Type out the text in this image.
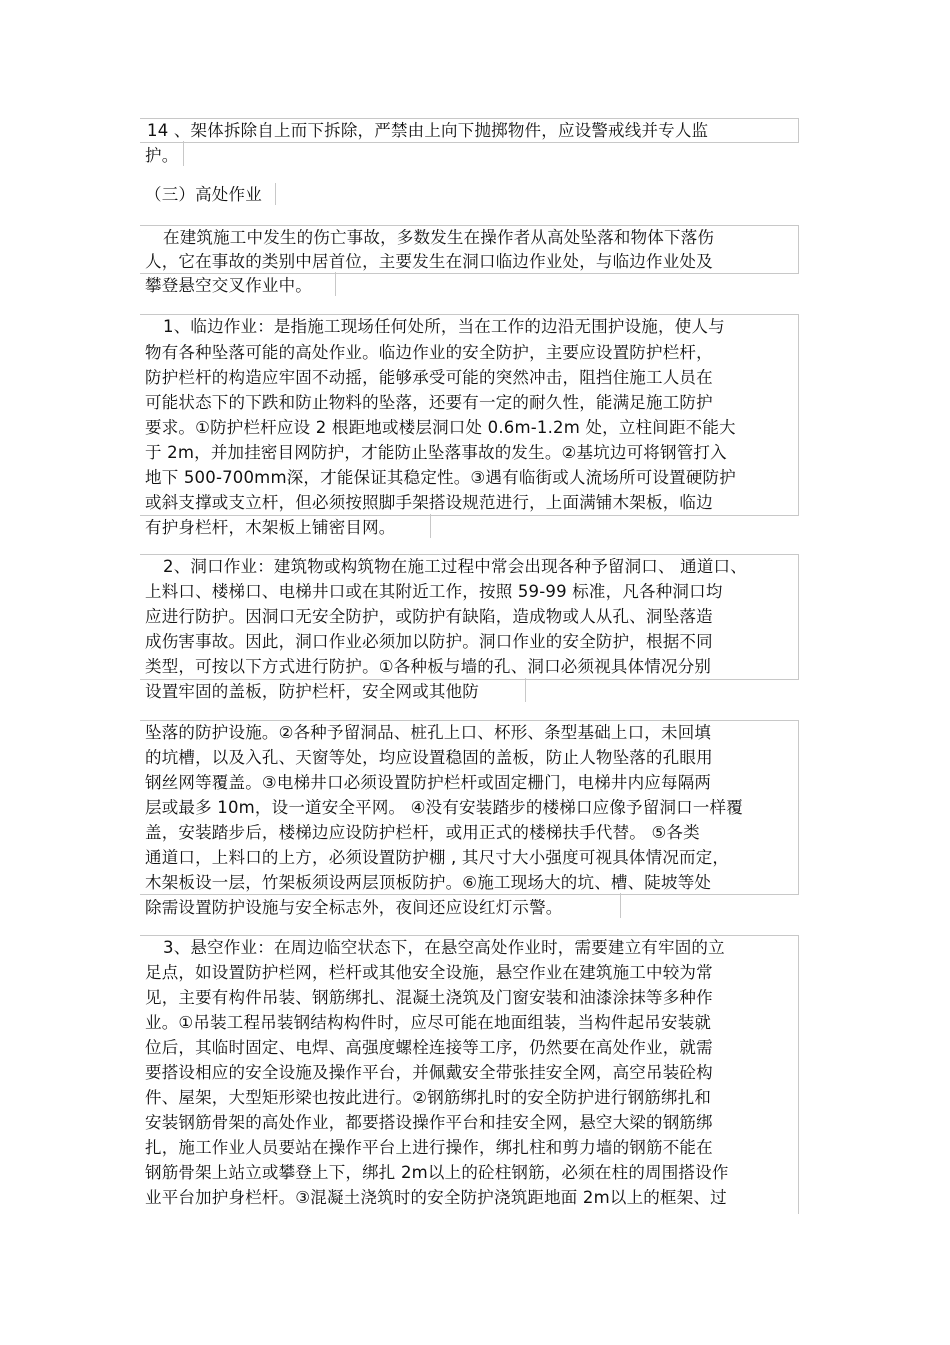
14 、架体拆除自上而下拆除，严禁由上向下抛掷物件，应设警戒线并专人监
护。
（三）高处作业
在建筑施工中发生的伤亡事故，多数发生在操作者从高处坠落和物体下落伤
人，它在事故的类别中居首位，主要发生在洞口临边作业处，与临边作业处及
攀登悬空交叉作业中。
1、临边作业：是指施工现场任何处所，当在工作的边沿无围护设施，使人与
物有各种坠落可能的高处作业。临边作业的安全防护，主要应设置防护栏杆，
防护栏杆的构造应牢固不动摇，能够承受可能的突然冲击，阻挡住施工人员在
可能状态下的下跌和防止物料的坠落，还要有一定的耐久性，能满足施工防护
要求。①防护栏杆应设 2 根距地或楼层洞口处 0.6m-1.2m 处，立柱间距不能大
于 2m，并加挂密目网防护，才能防止坠落事故的发生。②基坑边可将钢管打入
地下 500-700mm深，才能保证其稳定性。③遇有临街或人流场所可设置硬防护
或斜支撑或支立杆，但必须按照脚手架搭设规范进行，上面满铺木架板，临边
有护身栏杆，木架板上铺密目网。
2、洞口作业：建筑物或构筑物在施工过程中常会出现各种予留洞口、 通道口、
上料口、楼梯口、电梯井口或在其附近工作，按照 59-99 标准，凡各种洞口均
应进行防护。因洞口无安全防护，或防护有缺陷，造成物或人从孔、洞坠落造
成伤害事故。因此，洞口作业必须加以防护。洞口作业的安全防护，根据不同
类型，可按以下方式进行防护。①各种板与墙的孔、洞口必须视具体情况分别
设置牢固的盖板，防护栏杆，安全网或其他防
坠落的防护设施。②各种予留洞品、桩孔上口、杯形、条型基础上口，未回填
的坑槽，以及入孔、天窗等处，均应设置稳固的盖板，防止人物坠落的孔眼用
钢丝网等覆盖。③电梯井口必须设置防护栏杆或固定栅门，电梯井内应每隔两
层或最多 10m，设一道安全平网。 ④没有安装踏步的楼梯口应像予留洞口一样覆
盖，安装踏步后，楼梯边应设防护栏杆，或用正式的楼梯扶手代替。 ⑤各类
通道口，上料口的上方，必须设置防护棚 , 其尺寸大小强度可视具体情况而定，
木架板设一层，竹架板须设两层顶板防护。⑥施工现场大的坑、槽、陡坡等处
除需设置防护设施与安全标志外，夜间还应设红灯示警。
3、悬空作业：在周边临空状态下，在悬空高处作业时，需要建立有牢固的立
足点，如设置防护栏网，栏杆或其他安全设施，悬空作业在建筑施工中较为常
见，主要有构件吊装、钢筋绑扎、混凝土浇筑及门窗安装和油漆涂抹等多种作
业。①吊装工程吊装钢结构构件时，应尽可能在地面组装，当构件起吊安装就
位后，其临时固定、电焊、高强度螺栓连接等工序，仍然要在高处作业，就需
要搭设相应的安全设施及操作平台，并佩戴安全带张挂安全网，高空吊装砼构
件、屋架，大型矩形梁也按此进行。②钢筋绑扎时的安全防护进行钢筋绑扎和
安装钢筋骨架的高处作业，都要搭设操作平台和挂安全网，悬空大梁的钢筋绑
扎，施工作业人员要站在操作平台上进行操作，绑扎柱和剪力墙的钢筋不能在
钢筋骨架上站立或攀登上下，绑扎 2m以上的砼柱钢筋，必须在柱的周围搭设作
业平台加护身栏杆。③混凝土浇筑时的安全防护浇筑距地面 2m以上的框架、过
